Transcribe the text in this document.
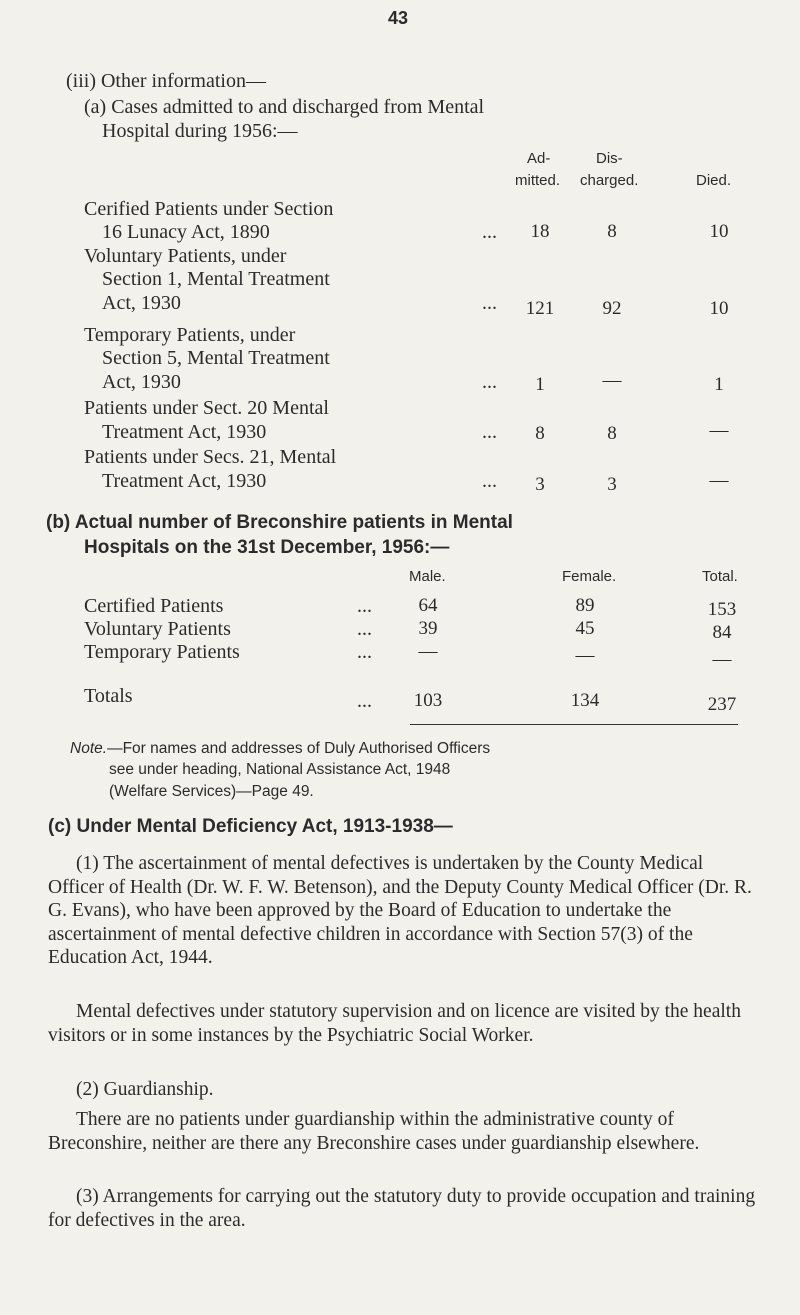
43
(iii) Other information—
(a) Cases admitted to and discharged from Mental
Hospital during 1956:—
Ad-	Dis-
mitted. charged.	Died.
Cerified Patients under Section
16 Lunacy Act, 1890	...	18	8	10
Voluntary Patients, under
Section 1, Mental Treatment
Act, 1930	...	121	92	10
Temporary Patients, under
Section 5, Mental Treatment
Act, 1930	...	1	—	1
Patients under Sect. 20 Mental
Treatment Act, 1930	...	8	8	—
Patients under Secs. 21, Mental
Treatment Act, 1930	...	3	3	—
(b) Actual number of Breconshire patients in Mental
Hospitals on the 31st December, 1956:—
Male.	Female.	Total.
Certified Patients	...	64	89	153
Voluntary Patients	...	39	45	84
Temporary Patients	...	—	—	—
Totals	...	103	134	237
Note.—For names and addresses of Duly Authorised Officers
see under heading, National Assistance Act, 1948
(Welfare Services)—Page 49.
(c) Under Mental Deficiency Act, 1913-1938—
(1) The ascertainment of mental defectives is undertaken by the County Medical Officer of Health (Dr. W. F. W. Betenson), and the Deputy County Medical Officer (Dr. R. G. Evans), who have been approved by the Board of Education to undertake the ascertainment of mental defective children in accordance with Section 57(3) of the Education Act, 1944.
Mental defectives under statutory supervision and on licence are visited by the health visitors or in some instances by the Psychiatric Social Worker.
(2) Guardianship.
There are no patients under guardianship within the administrative county of Breconshire, neither are there any Breconshire cases under guardianship elsewhere.
(3) Arrangements for carrying out the statutory duty to provide occupation and training for defectives in the area.
